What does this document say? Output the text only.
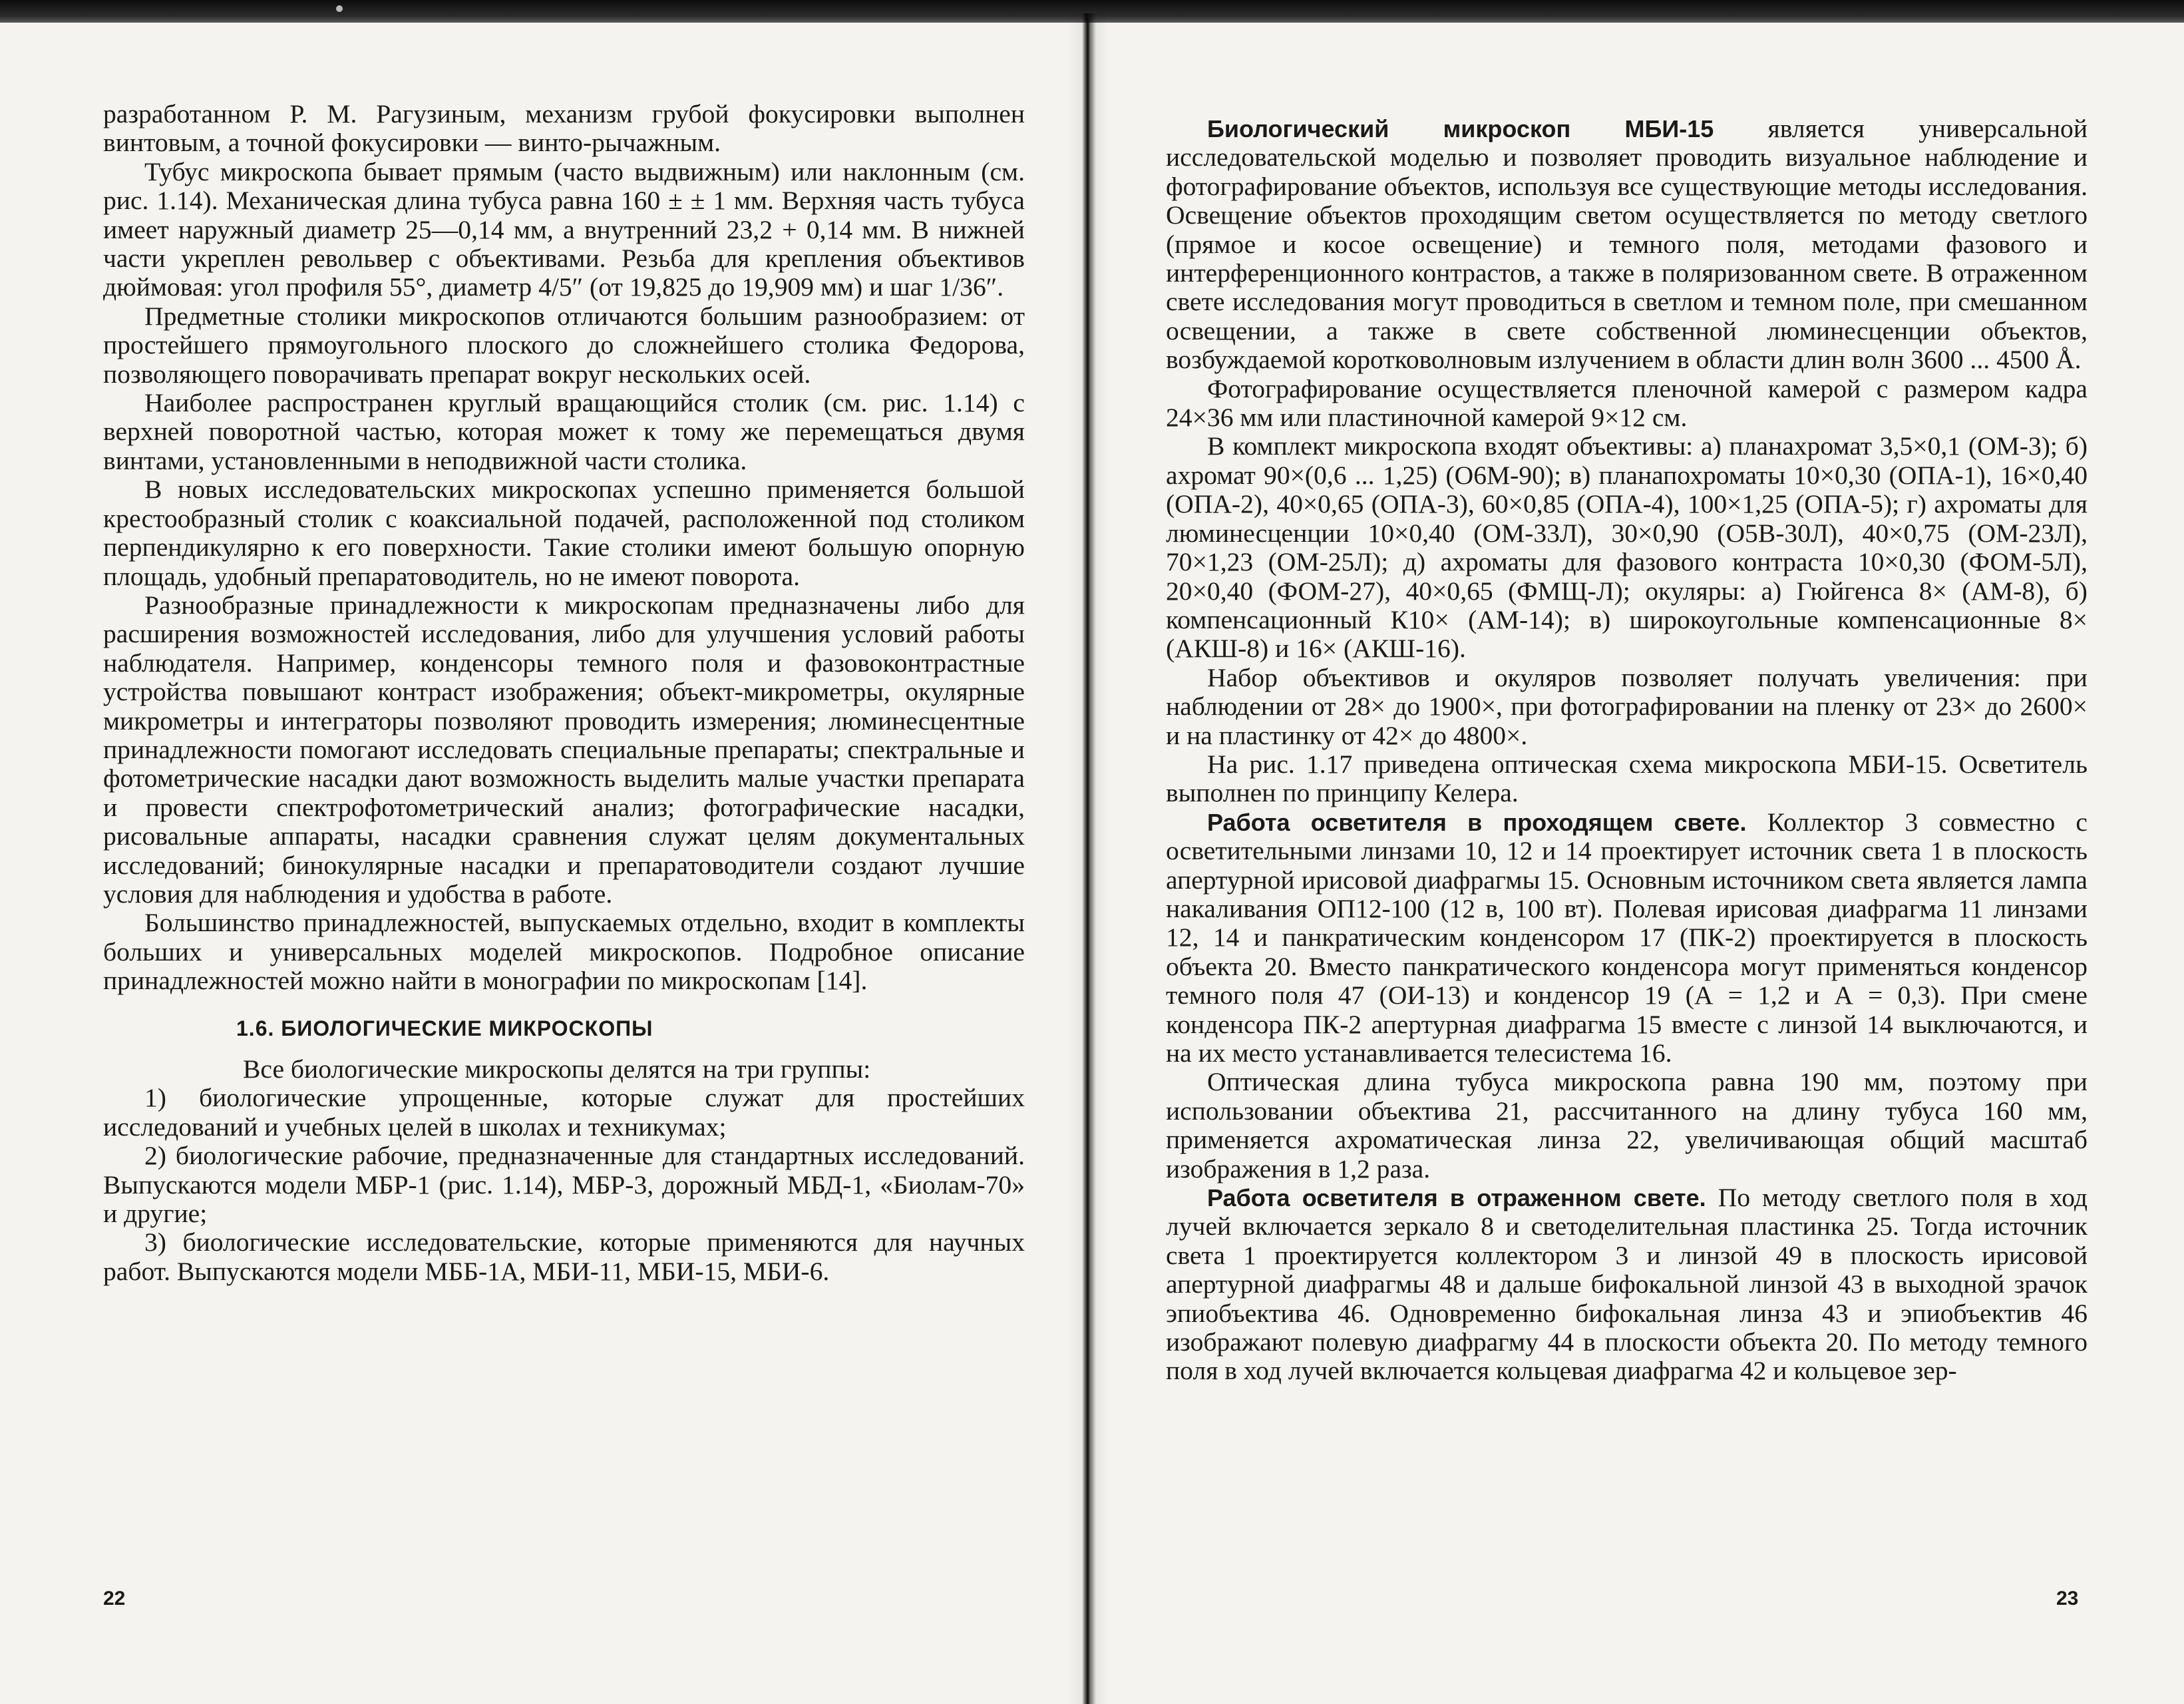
разработанном Р. М. Рагузиным, механизм грубой фокусировки выполнен винтовым, а точной фокусировки — винто-рычажным.

Тубус микроскопа бывает прямым (часто выдвижным) или наклонным (см. рис. 1.14). Механическая длина тубуса равна 160 ± ± 1 мм. Верхняя часть тубуса имеет наружный диаметр 25—0,14 мм, а внутренний 23,2 + 0,14 мм. В нижней части укреплен револьвер с объективами. Резьба для крепления объективов дюймовая: угол профиля 55°, диаметр 4/5″ (от 19,825 до 19,909 мм) и шаг 1/36″.

Предметные столики микроскопов отличаются большим разнообразием: от простейшего прямоугольного плоского до сложнейшего столика Федорова, позволяющего поворачивать препарат вокруг нескольких осей.

Наиболее распространен круглый вращающийся столик (см. рис. 1.14) с верхней поворотной частью, которая может к тому же перемещаться двумя винтами, установленными в неподвижной части столика.

В новых исследовательских микроскопах успешно применяется большой крестообразный столик с коаксиальной подачей, расположенной под столиком перпендикулярно к его поверхности. Такие столики имеют большую опорную площадь, удобный препаратоводитель, но не имеют поворота.

Разнообразные принадлежности к микроскопам предназначены либо для расширения возможностей исследования, либо для улучшения условий работы наблюдателя. Например, конденсоры темного поля и фазовоконтрастные устройства повышают контраст изображения; объект-микрометры, окулярные микрометры и интеграторы позволяют проводить измерения; люминесцентные принадлежности помогают исследовать специальные препараты; спектральные и фотометрические насадки дают возможность выделить малые участки препарата и провести спектрофотометрический анализ; фотографические насадки, рисовальные аппараты, насадки сравнения служат целям документальных исследований; бинокулярные насадки и препаратоводители создают лучшие условия для наблюдения и удобства в работе.

Большинство принадлежностей, выпускаемых отдельно, входит в комплекты больших и универсальных моделей микроскопов. Подробное описание принадлежностей можно найти в монографии по микроскопам [14].

1.6. БИОЛОГИЧЕСКИЕ МИКРОСКОПЫ

Все биологические микроскопы делятся на три группы:

1) биологические упрощенные, которые служат для простейших исследований и учебных целей в школах и техникумах;

2) биологические рабочие, предназначенные для стандартных исследований. Выпускаются модели МБР-1 (рис. 1.14), МБР-3, дорожный МБД-1, «Биолам-70» и другие;

3) биологические исследовательские, которые применяются для научных работ. Выпускаются модели МББ-1А, МБИ-11, МБИ-15, МБИ-6.

22

Биологический микроскоп МБИ-15 является универсальной исследовательской моделью и позволяет проводить визуальное наблюдение и фотографирование объектов, используя все существующие методы исследования. Освещение объектов проходящим светом осуществляется по методу светлого (прямое и косое освещение) и темного поля, методами фазового и интерференционного контрастов, а также в поляризованном свете. В отраженном свете исследования могут проводиться в светлом и темном поле, при смешанном освещении, а также в свете собственной люминесценции объектов, возбуждаемой коротковолновым излучением в области длин волн 3600 ... 4500 Å.

Фотографирование осуществляется пленочной камерой с размером кадра 24×36 мм или пластиночной камерой 9×12 см.

В комплект микроскопа входят объективы: а) планахромат 3,5×0,1 (ОМ-3); б) ахромат 90×(0,6 ... 1,25) (О6М-90); в) планапохроматы 10×0,30 (ОПА-1), 16×0,40 (ОПА-2), 40×0,65 (ОПА-3), 60×0,85 (ОПА-4), 100×1,25 (ОПА-5); г) ахроматы для люминесценции 10×0,40 (ОМ-33Л), 30×0,90 (О5В-30Л), 40×0,75 (ОМ-23Л), 70×1,23 (ОМ-25Л); д) ахроматы для фазового контраста 10×0,30 (ФОМ-5Л), 20×0,40 (ФОМ-27), 40×0,65 (ФМЩ-Л); окуляры: а) Гюйгенса 8× (АМ-8), б) компенсационный К10× (АМ-14); в) широкоугольные компенсационные 8× (АКШ-8) и 16× (АКШ-16).

Набор объективов и окуляров позволяет получать увеличения: при наблюдении от 28× до 1900×, при фотографировании на пленку от 23× до 2600× и на пластинку от 42× до 4800×.

На рис. 1.17 приведена оптическая схема микроскопа МБИ-15. Осветитель выполнен по принципу Келера.

Работа осветителя в проходящем свете. Коллектор 3 совместно с осветительными линзами 10, 12 и 14 проектирует источник света 1 в плоскость апертурной ирисовой диафрагмы 15. Основным источником света является лампа накаливания ОП12-100 (12 в, 100 вт). Полевая ирисовая диафрагма 11 линзами 12, 14 и панкратическим конденсором 17 (ПК-2) проектируется в плоскость объекта 20. Вместо панкратического конденсора могут применяться конденсор темного поля 47 (ОИ-13) и конденсор 19 (А = 1,2 и А = 0,3). При смене конденсора ПК-2 апертурная диафрагма 15 вместе с линзой 14 выключаются, и на их место устанавливается телесистема 16.

Оптическая длина тубуса микроскопа равна 190 мм, поэтому при использовании объектива 21, рассчитанного на длину тубуса 160 мм, применяется ахроматическая линза 22, увеличивающая общий масштаб изображения в 1,2 раза.

Работа осветителя в отраженном свете. По методу светлого поля в ход лучей включается зеркало 8 и светоделительная пластинка 25. Тогда источник света 1 проектируется коллектором 3 и линзой 49 в плоскость ирисовой апертурной диафрагмы 48 и дальше бифокальной линзой 43 в выходной зрачок эпиобъектива 46. Одновременно бифокальная линза 43 и эпиобъектив 46 изображают полевую диафрагму 44 в плоскости объекта 20. По методу темного поля в ход лучей включается кольцевая диафрагма 42 и кольцевое зер-

23
